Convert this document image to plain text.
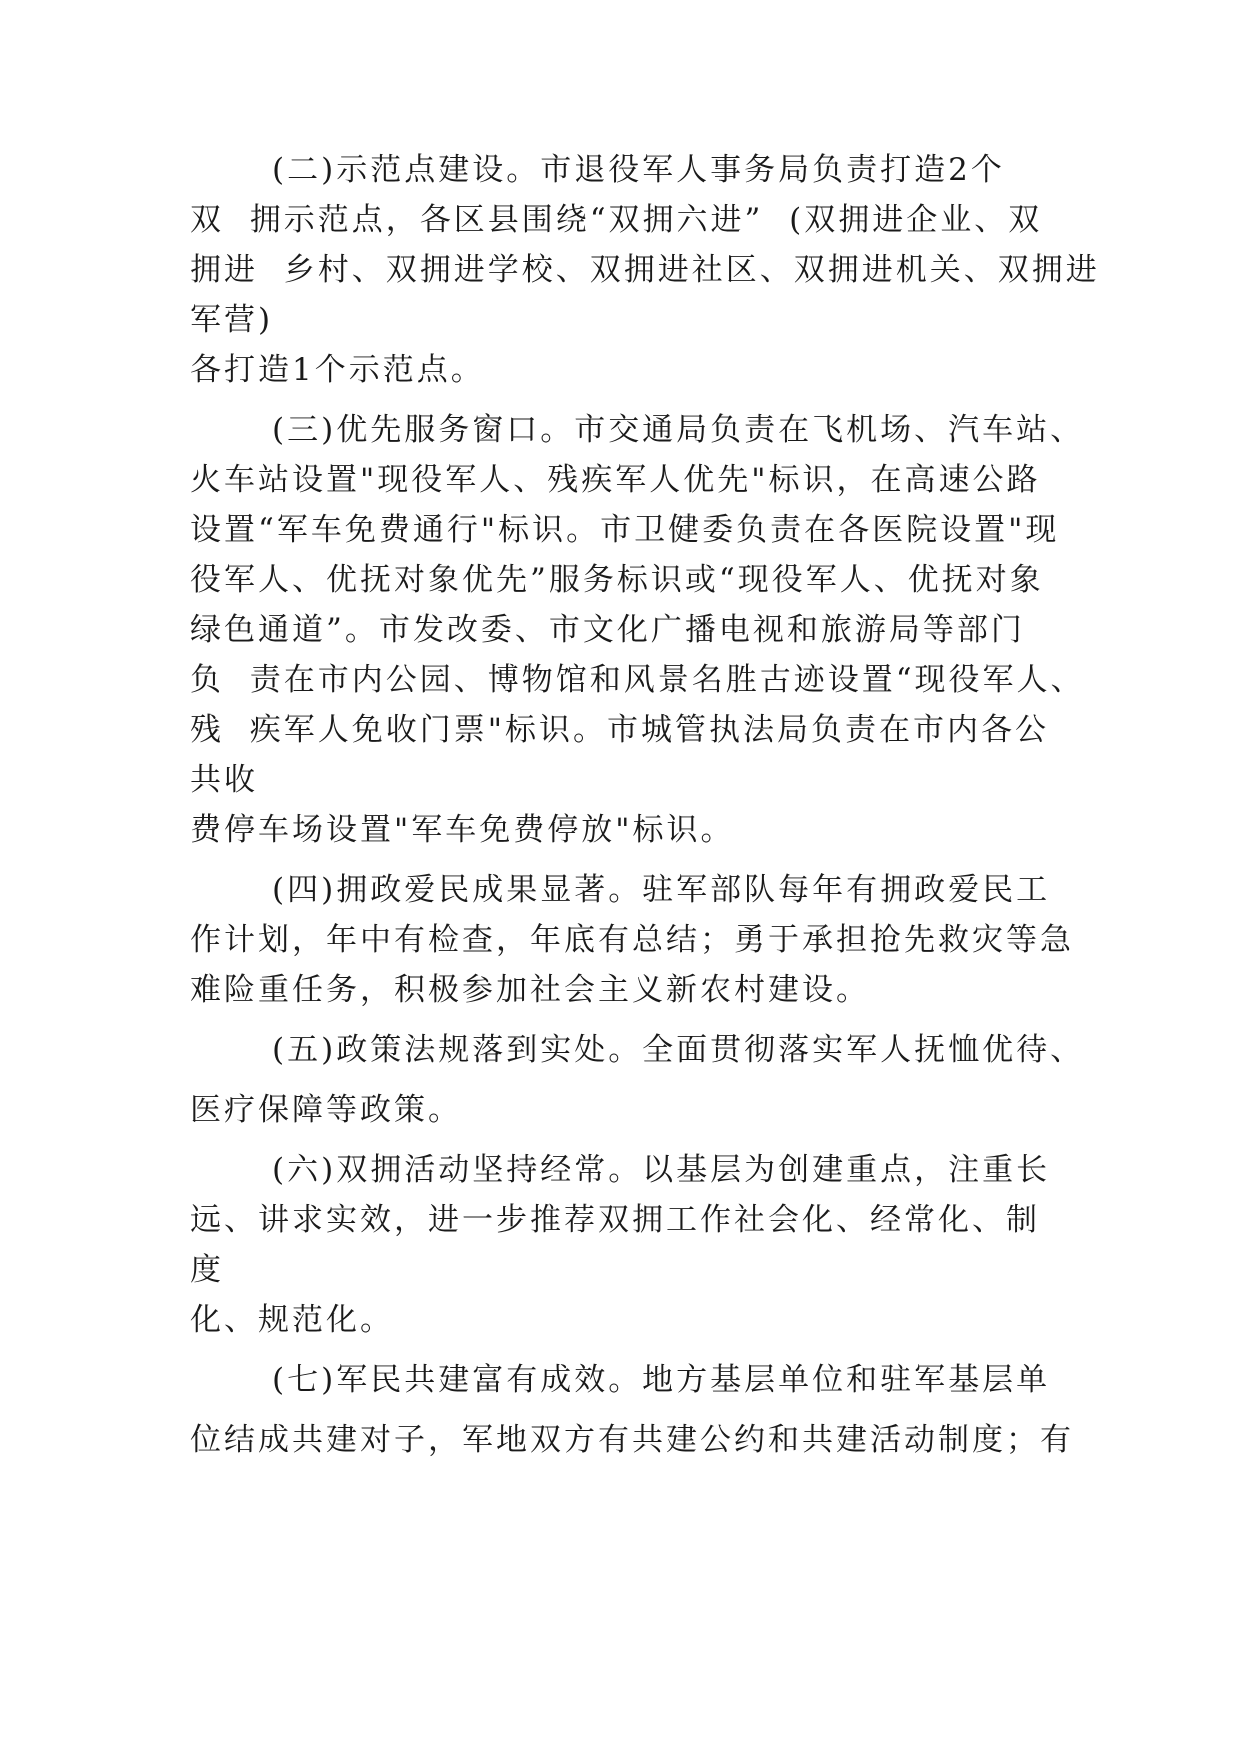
(二)示范点建设。市退役军人事务局负责打造2个

双  拥示范点，各区县围绕“双拥六进”  (双拥进企业、双

拥进  乡村、双拥进学校、双拥进社区、双拥进机关、双拥进

军营)

各打造1个示范点。

(三)优先服务窗口。市交通局负责在飞机场、汽车站、

火车站设置"现役军人、残疾军人优先"标识，在高速公路

设置“军车免费通行"标识。市卫健委负责在各医院设置"现

役军人、优抚对象优先”服务标识或“现役军人、优抚对象

绿色通道”。市发改委、市文化广播电视和旅游局等部门

负  责在市内公园、博物馆和风景名胜古迹设置“现役军人、

残  疾军人免收门票"标识。市城管执法局负责在市内各公

共收

费停车场设置"军车免费停放"标识。

(四)拥政爱民成果显著。驻军部队每年有拥政爱民工

作计划，年中有检查，年底有总结；勇于承担抢先救灾等急

难险重任务，积极参加社会主义新农村建设。

(五)政策法规落到实处。全面贯彻落实军人抚恤优待、

医疗保障等政策。

(六)双拥活动坚持经常。以基层为创建重点，注重长

远、讲求实效，进一步推荐双拥工作社会化、经常化、制

度

化、规范化。

(七)军民共建富有成效。地方基层单位和驻军基层单

位结成共建对子，军地双方有共建公约和共建活动制度；有
